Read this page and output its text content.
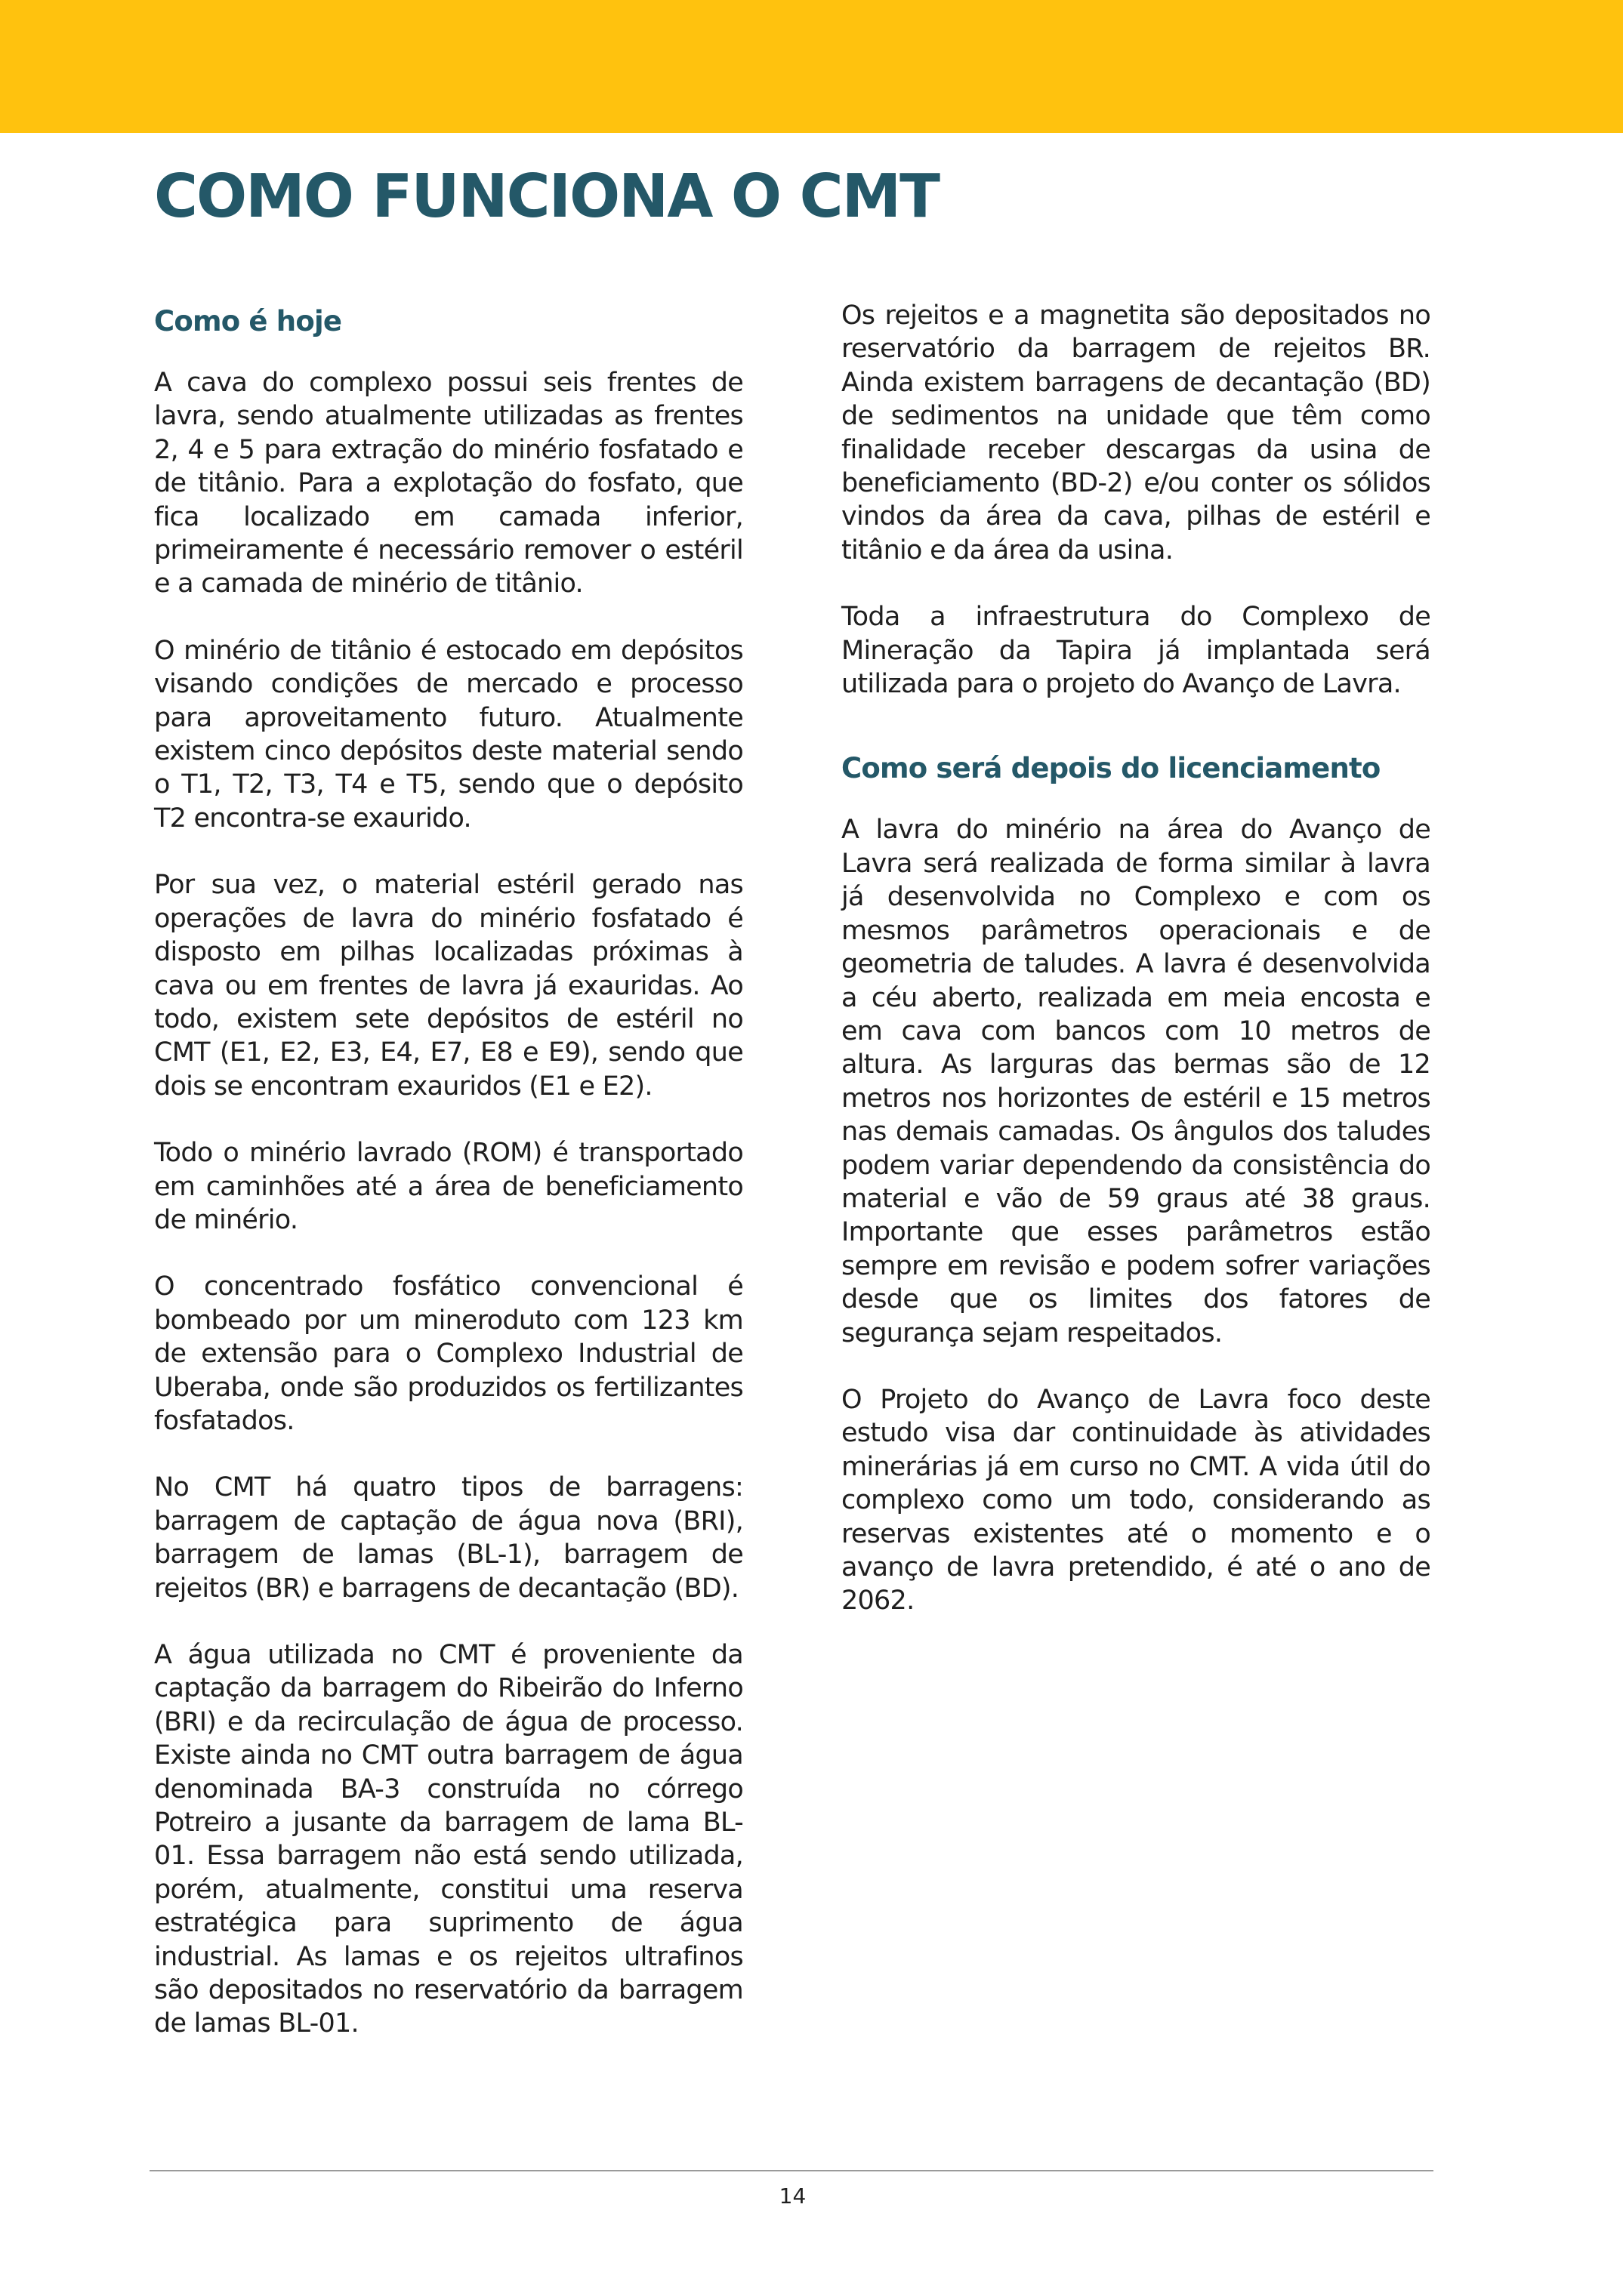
COMO FUNCIONA O CMT
Como é hoje

A cava do complexo possui seis frentes de lavra, sendo atualmente utilizadas as frentes 2, 4 e 5 para extração do minério fosfatado e de titânio. Para a explotação do fosfato, que fica localizado em camada inferior, primeiramente é necessário remover o estéril e a camada de minério de titânio.

O minério de titânio é estocado em depósitos visando condições de mercado e processo para aproveitamento futuro. Atualmente existem cinco depósitos deste material sendo o T1, T2, T3, T4 e T5, sendo que o depósito T2 encontra-se exaurido.

Por sua vez, o material estéril gerado nas operações de lavra do minério fosfatado é disposto em pilhas localizadas próximas à cava ou em frentes de lavra já exauridas. Ao todo, existem sete depósitos de estéril no CMT (E1, E2, E3, E4, E7, E8 e E9), sendo que dois se encontram exauridos (E1 e E2).

Todo o minério lavrado (ROM) é transportado em caminhões até a área de beneficiamento de minério.

O concentrado fosfático convencional é bombeado por um mineroduto com 123 km de extensão para o Complexo Industrial de Uberaba, onde são produzidos os fertilizantes fosfatados.

No CMT há quatro tipos de barragens: barragem de captação de água nova (BRI), barragem de lamas (BL-1), barragem de rejeitos (BR) e barragens de decantação (BD).

A água utilizada no CMT é proveniente da captação da barragem do Ribeirão do Inferno (BRI) e da recirculação de água de processo. Existe ainda no CMT outra barragem de água denominada BA-3 construída no córrego Potreiro a jusante da barragem de lama BL-01. Essa barragem não está sendo utilizada, porém, atualmente, constitui uma reserva estratégica para suprimento de água industrial. As lamas e os rejeitos ultrafinos são depositados no reservatório da barragem de lamas BL-01.

Os rejeitos e a magnetita são depositados no reservatório da barragem de rejeitos BR. Ainda existem barragens de decantação (BD) de sedimentos na unidade que têm como finalidade receber descargas da usina de beneficiamento (BD-2) e/ou conter os sólidos vindos da área da cava, pilhas de estéril e titânio e da área da usina.

Toda a infraestrutura do Complexo de Mineração da Tapira já implantada será utilizada para o projeto do Avanço de Lavra.

Como será depois do licenciamento

A lavra do minério na área do Avanço de Lavra será realizada de forma similar à lavra já desenvolvida no Complexo e com os mesmos parâmetros operacionais e de geometria de taludes. A lavra é desenvolvida a céu aberto, realizada em meia encosta e em cava com bancos com 10 metros de altura. As larguras das bermas são de 12 metros nos horizontes de estéril e 15 metros nas demais camadas. Os ângulos dos taludes podem variar dependendo da consistência do material e vão de 59 graus até 38 graus. Importante que esses parâmetros estão sempre em revisão e podem sofrer variações desde que os limites dos fatores de segurança sejam respeitados.

O Projeto do Avanço de Lavra foco deste estudo visa dar continuidade às atividades minerárias já em curso no CMT. A vida útil do complexo como um todo, considerando as reservas existentes até o momento e o avanço de lavra pretendido, é até o ano de 2062.

14
